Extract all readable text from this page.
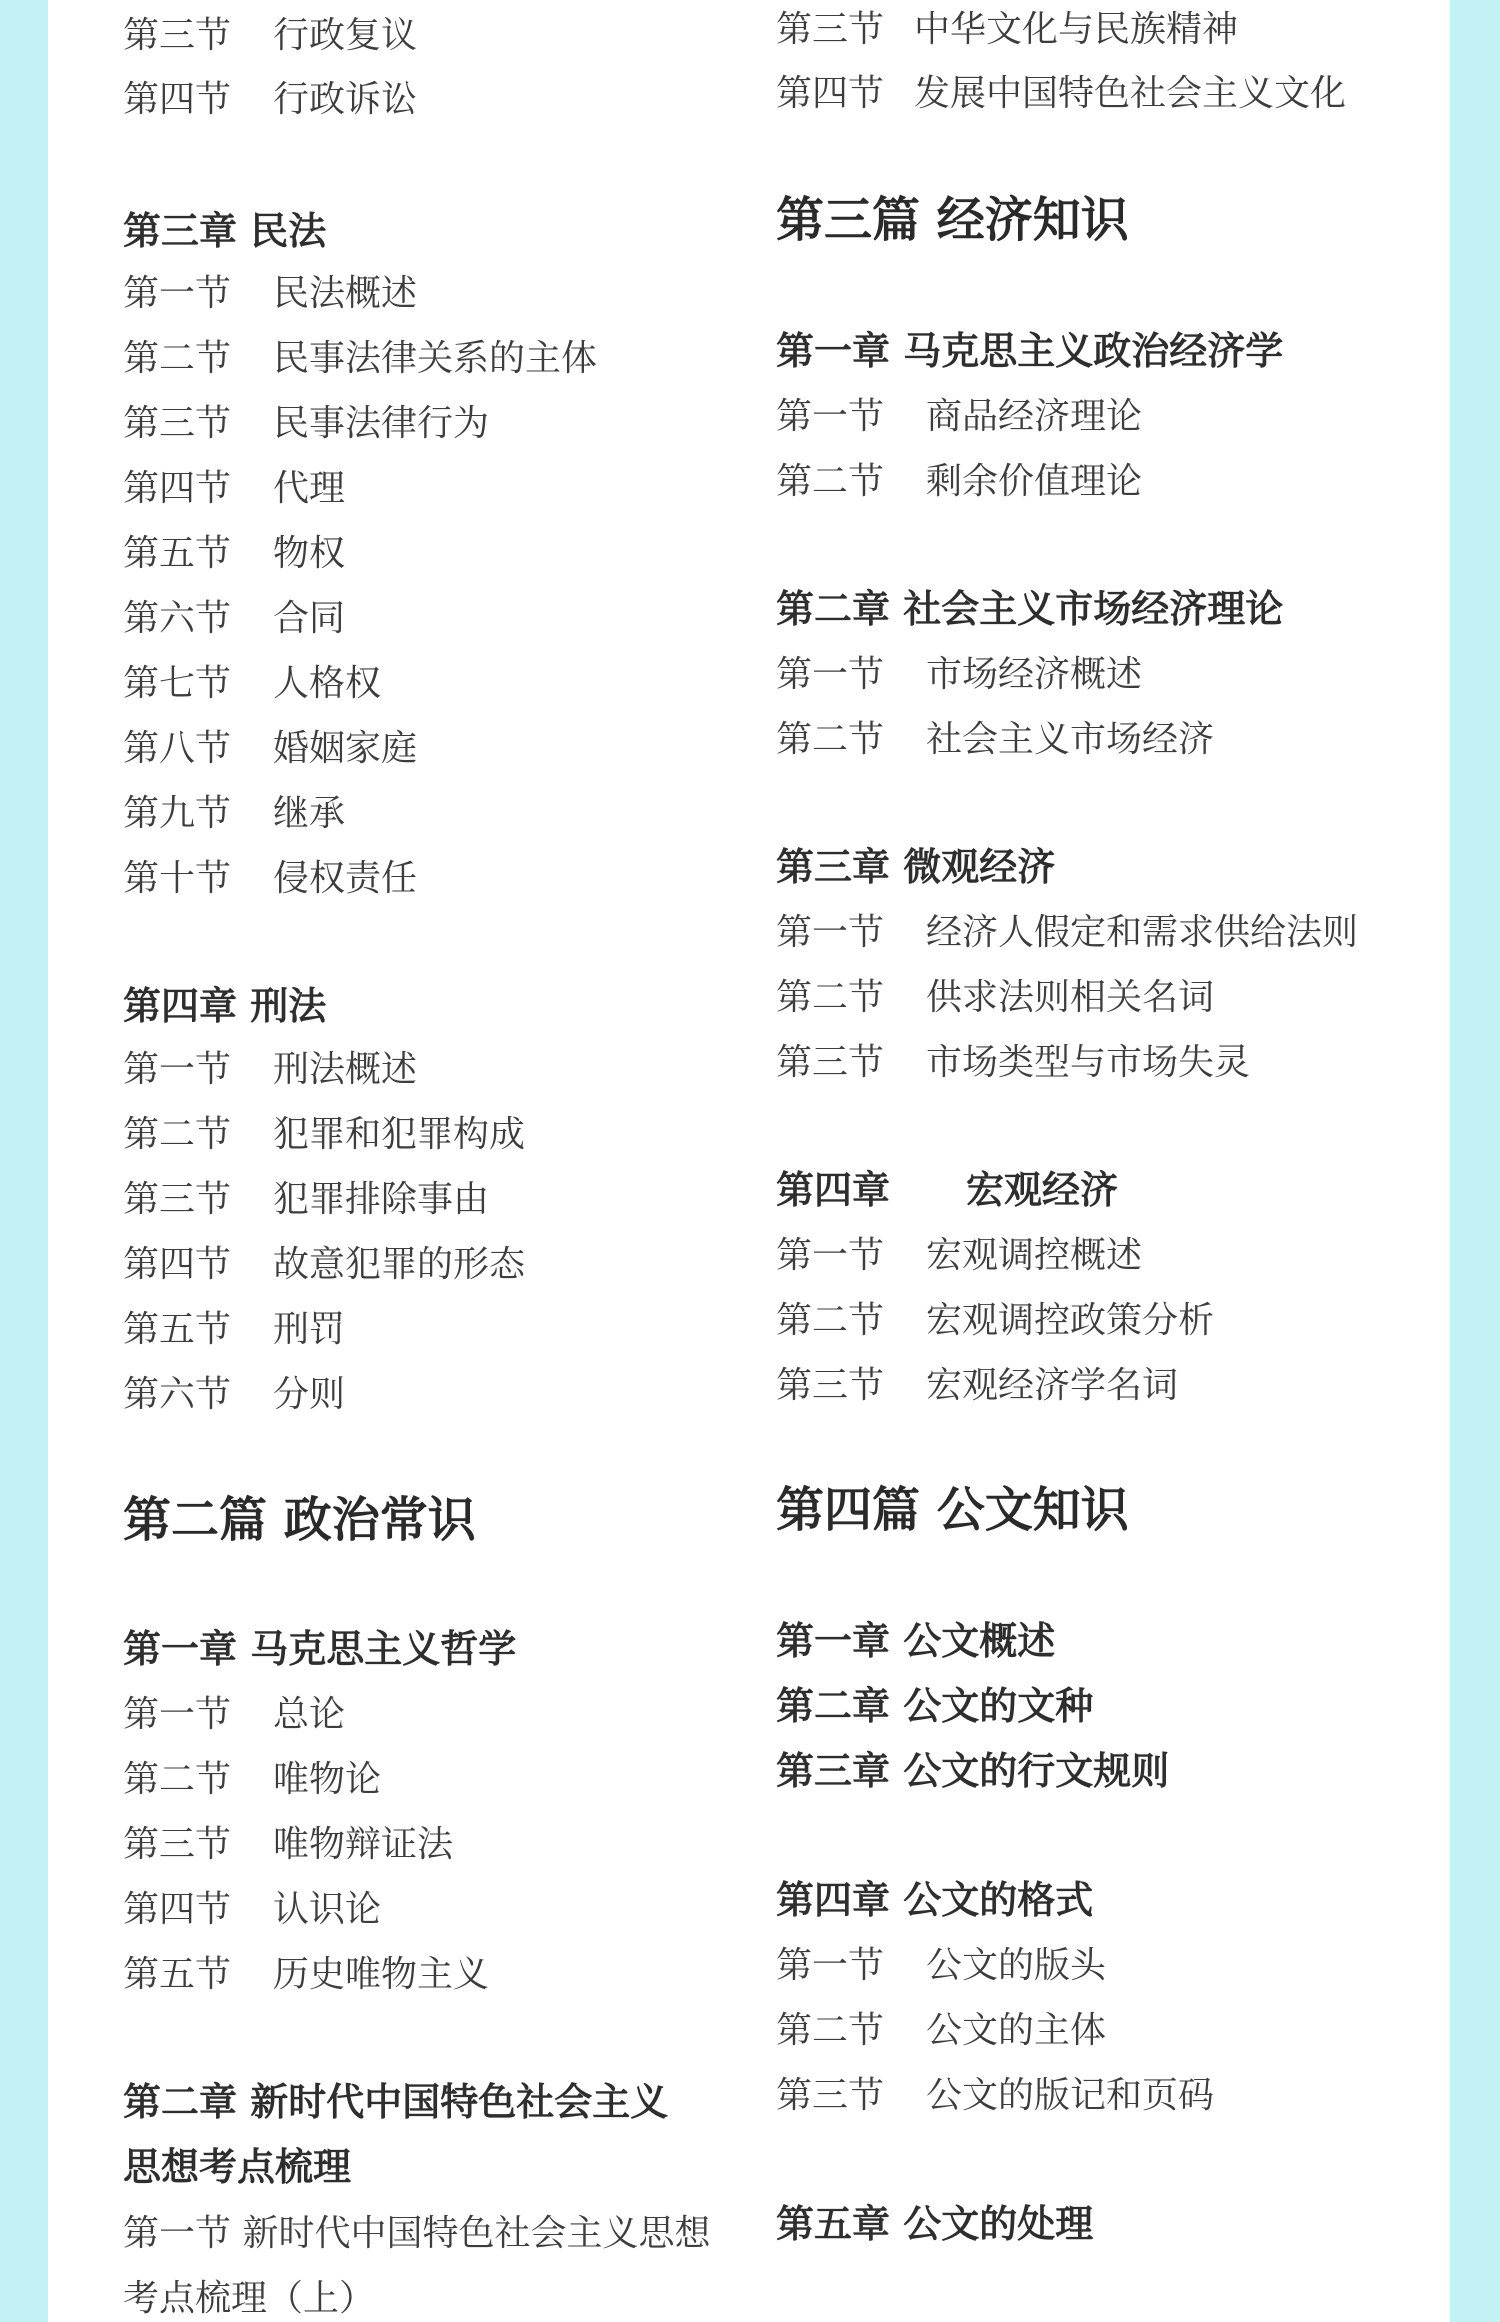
第三节 行政复议
第四节 行政诉讼
第三章 民法
第一节 民法概述
第二节 民事法律关系的主体
第三节 民事法律行为
第四节 代理
第五节 物权
第六节 合同
第七节 人格权
第八节 婚姻家庭
第九节 继承
第十节 侵权责任
第四章 刑法
第一节 刑法概述
第二节 犯罪和犯罪构成
第三节 犯罪排除事由
第四节 故意犯罪的形态
第五节 刑罚
第六节 分则
第二篇 政治常识
第一章 马克思主义哲学
第一节 总论
第二节 唯物论
第三节 唯物辩证法
第四节 认识论
第五节 历史唯物主义
第二章 新时代中国特色社会主义
思想考点梳理
第一节 新时代中国特色社会主义思想
考点梳理（上）
第三节 中华文化与民族精神
第四节 发展中国特色社会主义文化
第三篇 经济知识
第一章 马克思主义政治经济学
第一节 商品经济理论
第二节 剩余价值理论
第二章 社会主义市场经济理论
第一节 市场经济概述
第二节 社会主义市场经济
第三章 微观经济
第一节 经济人假定和需求供给法则
第二节 供求法则相关名词
第三节 市场类型与市场失灵
第四章　　宏观经济
第一节 宏观调控概述
第二节 宏观调控政策分析
第三节 宏观经济学名词
第四篇 公文知识
第一章 公文概述
第二章 公文的文种
第三章 公文的行文规则
第四章 公文的格式
第一节 公文的版头
第二节 公文的主体
第三节 公文的版记和页码
第五章 公文的处理
